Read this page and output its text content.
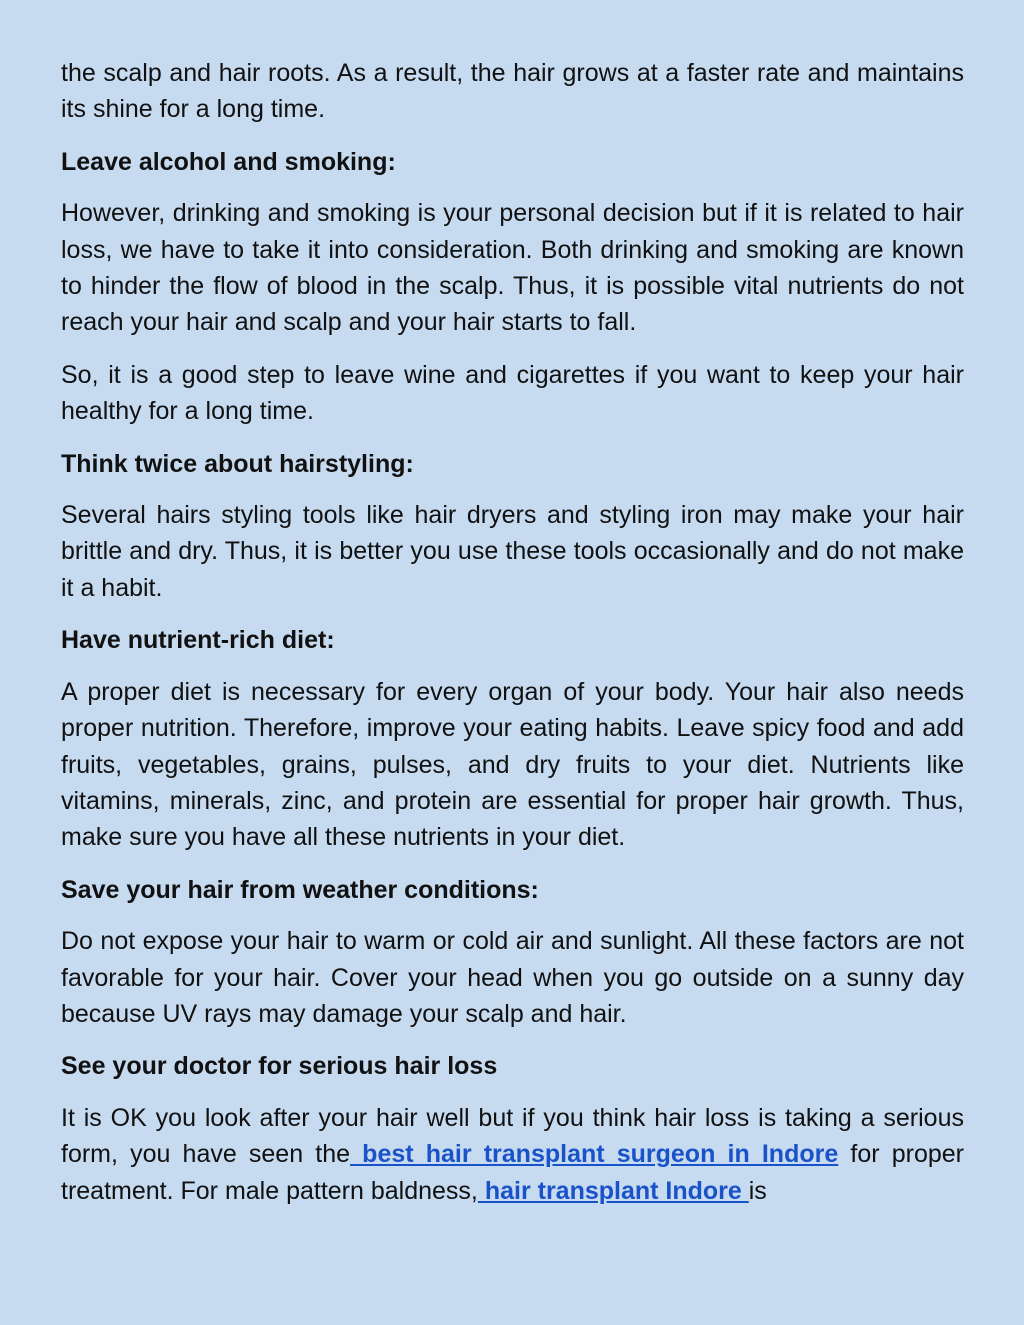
the scalp and hair roots. As a result, the hair grows at a faster rate and maintains its shine for a long time.

Leave alcohol and smoking:

However, drinking and smoking is your personal decision but if it is related to hair loss, we have to take it into consideration. Both drinking and smoking are known to hinder the flow of blood in the scalp. Thus, it is possible vital nutrients do not reach your hair and scalp and your hair starts to fall.

So, it is a good step to leave wine and cigarettes if you want to keep your hair healthy for a long time.

Think twice about hairstyling:

Several hairs styling tools like hair dryers and styling iron may make your hair brittle and dry. Thus, it is better you use these tools occasionally and do not make it a habit.

Have nutrient-rich diet:

A proper diet is necessary for every organ of your body. Your hair also needs proper nutrition. Therefore, improve your eating habits. Leave spicy food and add fruits, vegetables, grains, pulses, and dry fruits to your diet. Nutrients like vitamins, minerals, zinc, and protein are essential for proper hair growth. Thus, make sure you have all these nutrients in your diet.

Save your hair from weather conditions:

Do not expose your hair to warm or cold air and sunlight. All these factors are not favorable for your hair. Cover your head when you go outside on a sunny day because UV rays may damage your scalp and hair.

See your doctor for serious hair loss

It is OK you look after your hair well but if you think hair loss is taking a serious form, you have seen the best hair transplant surgeon in Indore for proper treatment. For male pattern baldness, hair transplant Indore is
